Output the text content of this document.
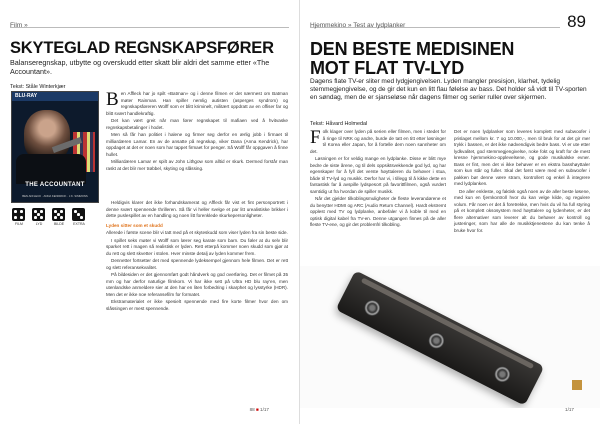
Film »
SKYTEGLAD REGNSKAPSFØRER

Balanseregnskap, utbytte og overskudd etter skatt blir aldri det samme etter «The Accountant».

Tekst: Ståle Winterkjær
BLU-RAY
THE ACCOUNTANT
BEN AFFLECK · ANNA KENDRICK · J.K. SIMMONS
FILM	LYD	BILDE	EXTRA
B en Affleck har jo spilt «Batman» og i denne filmen er det nærmest om Batman møter Rainman. Han spiller nemlig autisten (asperges syndrom) og regnskapsføreren Wolff som er blitt kriminelt, militært oppdratt av en offiser far og blitt svært handlekraftig.

Det kan vært greit når man fører regnskapet til mafiaen ved å hvitvaske regnskapsbetalinger i hodet.

Men så får han politiet i halene og firmer seg derfor en ærlig jobb i firmaet til milliardæren Lamar. En av de ansatte på regnskap, viker Dana (Anna Kendrick), har oppdaget at det er noen som har tappet firmaet for penger. Så Wolff får oppgaven å finne hullet.

Milliardæren Lamar er spilt av John Lithgow som alltid er skurk. Dermed forstår man raskt at det blir mer trøbbel, skyting og slåssing.

Heldigvis klarer det ikke forhandskamerat og Affleck får vist et fint personportrett i denne svært spennende thrilleren. Så får vi heller svelge et par litt urealistiske brikker i dette puslespillet av en handling og noen litt forenklede skurkepersonligheter.

Lyden sitter som et skudd

Allerede i første scene blir vi tatt med på et skyteskudd som viser lyden fra sin beste side.

I spillet seks møter vi Wolff som lærer seg karate som barn. Du føler at du selv blir sparket rett i magen så realistisk er lyden. Rett etterpå kommer noen skudd som gjør at du rett og slett skvetter i stolen. Hver minste detalj av lyden kommer frem.

Dennetter fortsetter det med spennende lydeksempel gjennom hele filmen. Det er rett og slett referansekvalitet.

På bildesiden er det gjennomført godt håndverk og god overføring. Det er filmet på 35 mm og har derfor naturlige filmkorn. Vi har ikke sett på Ultra HD blu ray’en, men utenlandske anmeldere sier at den har en liten forbedring i skarphet og lysstyrke (HDR). Men det er ikke noe referansefilm for formatet.

Ekstramaterialet er ikke spesielt spennende med fire korte filmer hvor den om slåssingen er mest spennende.

88 ■ 1/17
Hjemmekino » Test av lydplanker	89
DEN BESTE MEDISINEN
MOT FLAT TV-LYD

Dagens flate TV-er sliter med lydgjengivelsen. Lyden mangler presisjon, klarhet, tydelig stemmegjengivelse, og de gir det kun en litt flau følelse av bass. Det holder så vidt til TV-sporten en søndag, men de er sjanseløse når dagens filmer og serier ruller over skjermen.

Tekst: Håvard Holmedal
F olk klager over lyden på serien eller filmen, men i stedet for å ringe til NRK og andre, burde de tatt en titt etter løsninger til Korea eller Japan, for å fortelle dem noen sannheter om det.

Løsningen er for veldig mange en lydplanke. Disse er blitt mye bedre de siste årene, og til dels oppsiktsvekkende god lyd, og har egenskaper for å fyll det verste høyttaleren du behøver i stua, både til TV-lyd og musikk. Derfor har vi, i tillegg til å kikke dette en fantastisk far å avspille lydspesort på favorittfilmen, også vurdert samtidig ut fra hvordan de spiller musikk.

Når det gjelder tilkoblingsmuligheter de fleste leverandørene et du benytter HDMI og ARC (Audio Return Channel). Hardt ekstremt opplest med TV og lydplanke, anbefaler vi å koble til med en optisk digital kabel fra TV-en. Denne utgangen finnes på de aller fleste TV-ene, og gir det problemfri tilkobling.

Det er noen lydplanker som leveres komplett med subwoofer i prislaget mellom kr. 7 og 10.000,-, men til bruk for at det gir mer trykk i bassen, er det ikke nødvendigvis bedre bass. Vi er ute etter lydkvalitet, god stemmegjengivelse, noke fokt og kraft for de mest kresne hjemmekino-opplevelsene, og gode musikalske evner. Bass er fint, men det vi ikke behøver er en ekstra basshøyttaler som kun står og fuller. Skal det først være med en subwoofer i pakken bør denne være stram, kontrollert og enkel å integrere med lydplanken.

De aller enkleste, og faktisk også noen av de aller beste løsene, med kun en fjernkontroll hvor du kan velge kilde, og regulere volum. Får noen er det å foretrekke, men hvis du vil ha full styring på et komplett oksosystem med høyttalere og lydenheter, er det flere alternativer som leverer alt du behøver av kontroll og justeringer, som har alle de musikktjenestene du kan tenke å bruke hvor for.

1/17
